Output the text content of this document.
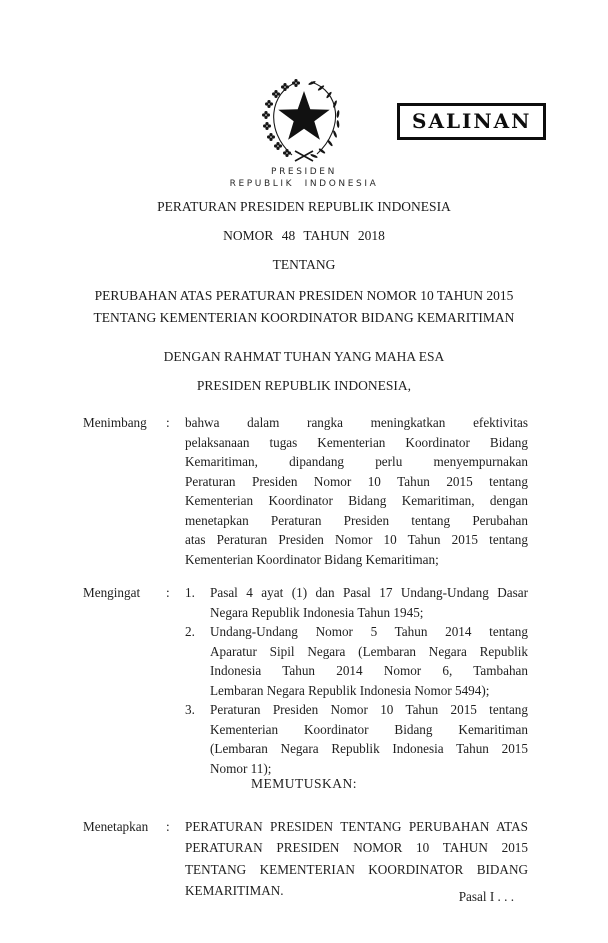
SALINAN
PRESIDEN
REPUBLIK INDONESIA
PERATURAN PRESIDEN REPUBLIK INDONESIA
NOMOR 48 TAHUN 2018
TENTANG
PERUBAHAN ATAS PERATURAN PRESIDEN NOMOR 10 TAHUN 2015
TENTANG KEMENTERIAN KOORDINATOR BIDANG KEMARITIMAN
DENGAN RAHMAT TUHAN YANG MAHA ESA
PRESIDEN REPUBLIK INDONESIA,
Menimbang	:	bahwa dalam rangka meningkatkan efektivitas
pelaksanaan tugas Kementerian Koordinator Bidang
Kemaritiman, dipandang perlu menyempurnakan
Peraturan Presiden Nomor 10 Tahun 2015 tentang
Kementerian Koordinator Bidang Kemaritiman, dengan
menetapkan Peraturan Presiden tentang Perubahan
atas Peraturan Presiden Nomor 10 Tahun 2015 tentang
Kementerian Koordinator Bidang Kemaritiman;
Mengingat	:	1.	Pasal 4 ayat (1) dan Pasal 17 Undang-Undang Dasar
Negara Republik Indonesia Tahun 1945;
2.	Undang-Undang Nomor 5 Tahun 2014 tentang
Aparatur Sipil Negara (Lembaran Negara Republik
Indonesia Tahun 2014 Nomor 6, Tambahan
Lembaran Negara Republik Indonesia Nomor 5494);
3.	Peraturan Presiden Nomor 10 Tahun 2015 tentang
Kementerian Koordinator Bidang Kemaritiman
(Lembaran Negara Republik Indonesia Tahun 2015
Nomor 11);
MEMUTUSKAN:
Menetapkan	:	PERATURAN PRESIDEN TENTANG PERUBAHAN ATAS
PERATURAN PRESIDEN NOMOR 10 TAHUN 2015
TENTANG KEMENTERIAN KOORDINATOR BIDANG
KEMARITIMAN.	Pasal I . . .
